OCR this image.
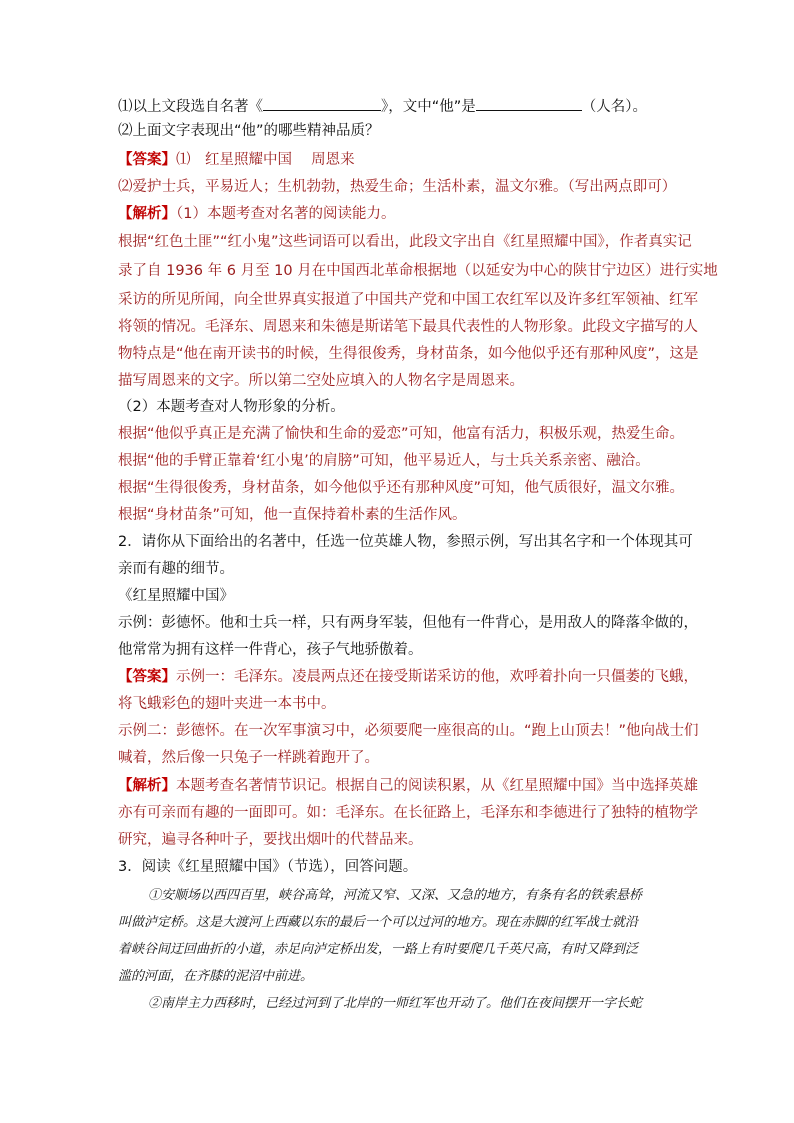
⑴以上文段选自名著《	》，文中“他”是	（人名）。
⑵上面文字表现出“他”的哪些精神品质？
【答案】⑴　红星照耀中国　 周恩来
⑵爱护士兵，平易近人；生机勃勃，热爱生命；生活朴素，温文尔雅。（写出两点即可）
【解析】（1）本题考查对名著的阅读能力。
根据“红色土匪”“红小鬼”这些词语可以看出，此段文字出自《红星照耀中国》，作者真实记
录了自 1936 年 6 月至 10 月在中国西北革命根据地（以延安为中心的陕甘宁边区）进行实地
采访的所见所闻，向全世界真实报道了中国共产党和中国工农红军以及许多红军领袖、红军
将领的情况。毛泽东、周恩来和朱德是斯诺笔下最具代表性的人物形象。此段文字描写的人
物特点是“他在南开读书的时候，生得很俊秀，身材苗条，如今他似乎还有那种风度”，这是
描写周恩来的文字。所以第二空处应填入的人物名字是周恩来。
（2）本题考查对人物形象的分析。
根据“他似乎真正是充满了愉快和生命的爱恋”可知，他富有活力，积极乐观，热爱生命。
根据“他的手臂正靠着‘红小鬼’的肩膀”可知，他平易近人，与士兵关系亲密、融洽。
根据“生得很俊秀，身材苗条，如今他似乎还有那种风度”可知，他气质很好，温文尔雅。
根据“身材苗条”可知，他一直保持着朴素的生活作风。
2．请你从下面给出的名著中，任选一位英雄人物，参照示例，写出其名字和一个体现其可
亲而有趣的细节。
《红星照耀中国》
示例：彭德怀。他和士兵一样，只有两身军装，但他有一件背心，是用敌人的降落伞做的，
他常常为拥有这样一件背心，孩子气地骄傲着。
【答案】示例一：毛泽东。凌晨两点还在接受斯诺采访的他，欢呼着扑向一只僵萎的飞蛾，
将飞蛾彩色的翅叶夹进一本书中。
示例二：彭德怀。在一次军事演习中，必须要爬一座很高的山。“跑上山顶去！”他向战士们
喊着，然后像一只兔子一样跳着跑开了。
【解析】本题考查名著情节识记。根据自己的阅读积累，从《红星照耀中国》当中选择英雄
亦有可亲而有趣的一面即可。如：毛泽东。在长征路上，毛泽东和李德进行了独特的植物学
研究，遍寻各种叶子，要找出烟叶的代替品来。
3．阅读《红星照耀中国》（节选），回答问题。
①安顺场以西四百里，峡谷高耸，河流又窄、又深、又急的地方，有条有名的铁索悬桥
叫做泸定桥。这是大渡河上西藏以东的最后一个可以过河的地方。现在赤脚的红军战士就沿
着峡谷间迂回曲折的小道，赤足向泸定桥出发，一路上有时要爬几千英尺高，有时又降到泛
滥的河面，在齐膝的泥沼中前进。
②南岸主力西移时，已经过河到了北岸的一师红军也开动了。他们在夜间摆开一字长蛇
